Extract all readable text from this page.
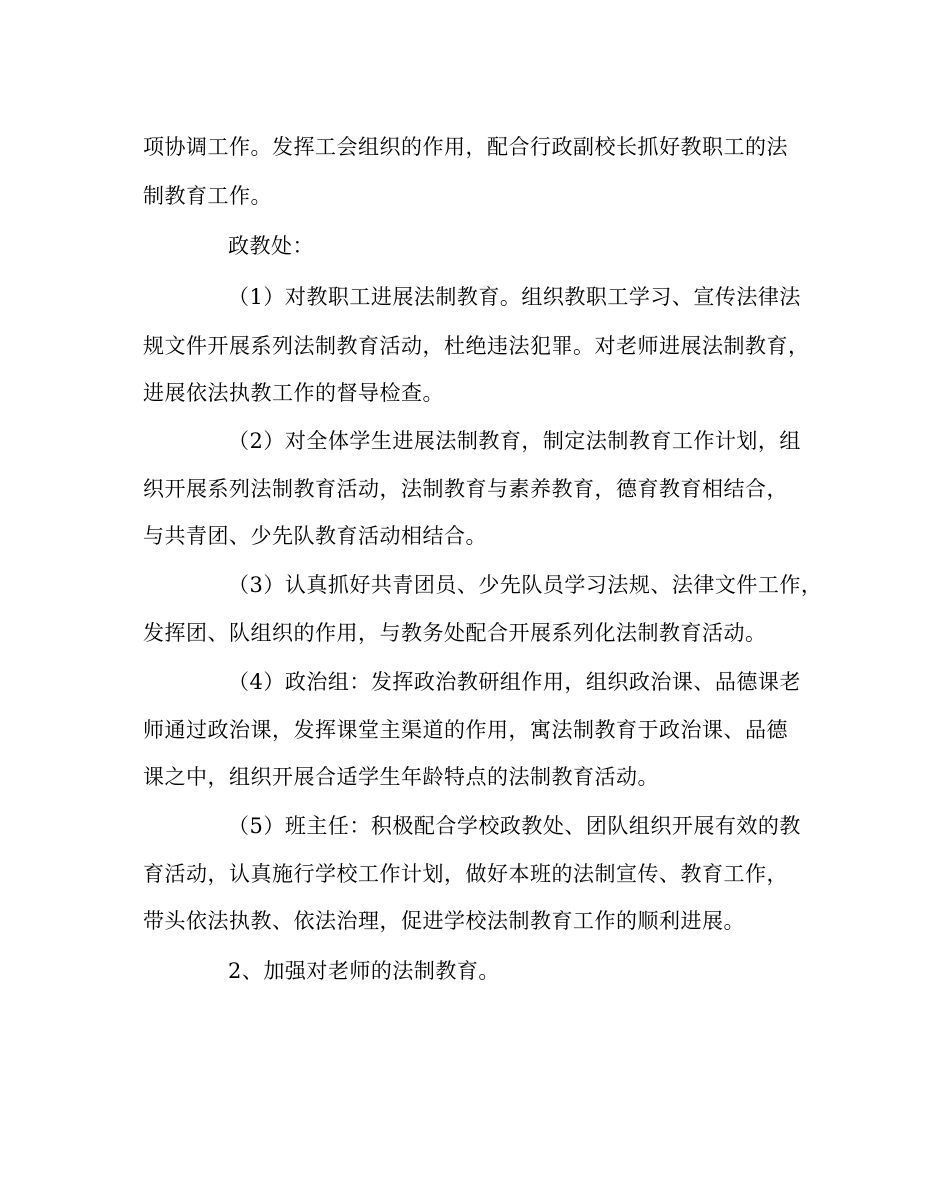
项协调工作。发挥工会组织的作用，配合行政副校长抓好教职工的法
制教育工作。
政教处：
（1）对教职工进展法制教育。组织教职工学习、宣传法律法
规文件开展系列法制教育活动，杜绝违法犯罪。对老师进展法制教育，
进展依法执教工作的督导检查。
（2）对全体学生进展法制教育，制定法制教育工作计划，组
织开展系列法制教育活动，法制教育与素养教育，德育教育相结合，
与共青团、少先队教育活动相结合。
（3）认真抓好共青团员、少先队员学习法规、法律文件工作，
发挥团、队组织的作用，与教务处配合开展系列化法制教育活动。
（4）政治组：发挥政治教研组作用，组织政治课、品德课老
师通过政治课，发挥课堂主渠道的作用，寓法制教育于政治课、品德
课之中，组织开展合适学生年龄特点的法制教育活动。
（5）班主任：积极配合学校政教处、团队组织开展有效的教
育活动，认真施行学校工作计划，做好本班的法制宣传、教育工作，
带头依法执教、依法治理，促进学校法制教育工作的顺利进展。
2、加强对老师的法制教育。
